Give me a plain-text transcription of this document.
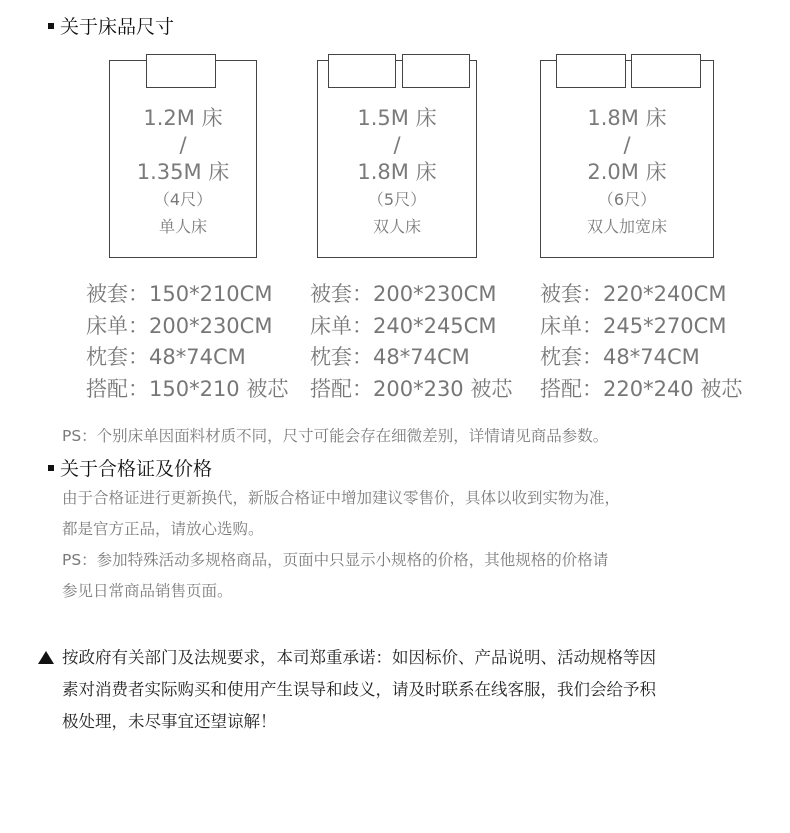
关于床品尺寸
1.2M 床
/
1.35M 床
（4尺）
单人床
1.5M 床
/
1.8M 床
（5尺）
双人床
1.8M 床
/
2.0M 床
（6尺）
双人加宽床
被套：150*210CM
床单：200*230CM
枕套：48*74CM
搭配：150*210 被芯
被套：200*230CM
床单：240*245CM
枕套：48*74CM
搭配：200*230 被芯
被套：220*240CM
床单：245*270CM
枕套：48*74CM
搭配：220*240 被芯
PS：个别床单因面料材质不同，尺寸可能会存在细微差别，详情请见商品参数。
关于合格证及价格
由于合格证进行更新换代，新版合格证中增加建议零售价，具体以收到实物为准，
都是官方正品，请放心选购。
PS：参加特殊活动多规格商品，页面中只显示小规格的价格，其他规格的价格请
参见日常商品销售页面。
按政府有关部门及法规要求，本司郑重承诺：如因标价、产品说明、活动规格等因
素对消费者实际购买和使用产生误导和歧义，请及时联系在线客服，我们会给予积
极处理，未尽事宜还望谅解！
